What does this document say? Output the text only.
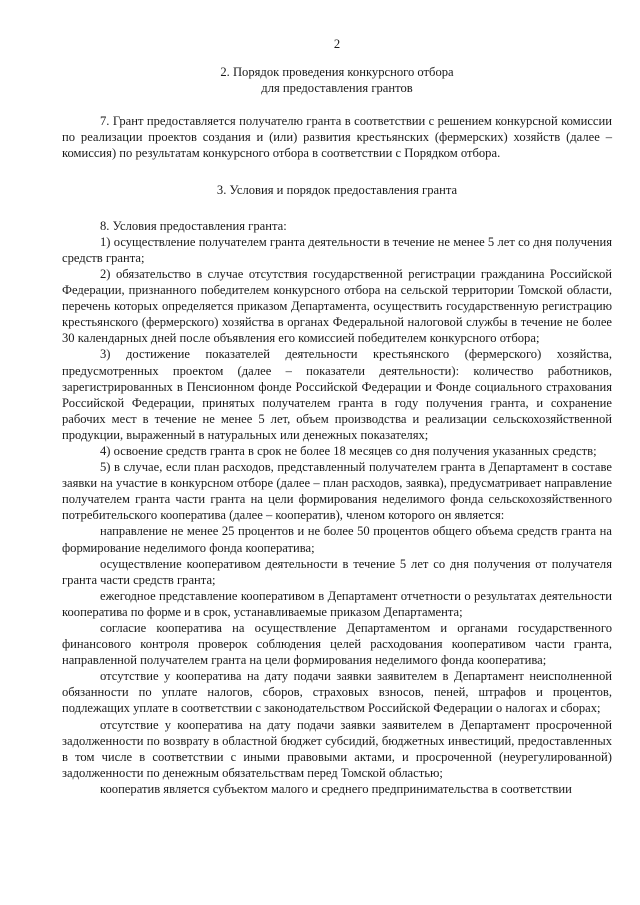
2
2. Порядок проведения конкурсного отбора
для предоставления грантов

7. Грант предоставляется получателю гранта в соответствии с решением конкурсной комиссии по реализации проектов создания и (или) развития крестьянских (фермерских) хозяйств (далее – комиссия) по результатам конкурсного отбора в соответствии с Порядком отбора.

3. Условия и порядок предоставления гранта

8. Условия предоставления гранта:

1) осуществление получателем гранта деятельности в течение не менее 5 лет со дня получения средств гранта;

2) обязательство в случае отсутствия государственной регистрации гражданина Российской Федерации, признанного победителем конкурсного отбора на сельской территории Томской области, перечень которых определяется приказом Департамента, осуществить государственную регистрацию крестьянского (фермерского) хозяйства в органах Федеральной налоговой службы в течение не более 30 календарных дней после объявления его комиссией победителем конкурсного отбора;

3) достижение показателей деятельности крестьянского (фермерского) хозяйства, предусмотренных проектом (далее – показатели деятельности): количество работников, зарегистрированных в Пенсионном фонде Российской Федерации и Фонде социального страхования Российской Федерации, принятых получателем гранта в году получения гранта, и сохранение рабочих мест в течение не менее 5 лет, объем производства и реализации сельскохозяйственной продукции, выраженный в натуральных или денежных показателях;

4) освоение средств гранта в срок не более 18 месяцев со дня получения указанных средств;

5) в случае, если план расходов, представленный получателем гранта в Департамент в составе заявки на участие в конкурсном отборе (далее – план расходов, заявка), предусматривает направление получателем гранта части гранта на цели формирования неделимого фонда сельскохозяйственного потребительского кооператива (далее – кооператив), членом которого он является:

направление не менее 25 процентов и не более 50 процентов общего объема средств гранта на формирование неделимого фонда кооператива;

осуществление кооперативом деятельности в течение 5 лет со дня получения от получателя гранта части средств гранта;

ежегодное представление кооперативом в Департамент отчетности о результатах деятельности кооператива по форме и в срок, устанавливаемые приказом Департамента;

согласие кооператива на осуществление Департаментом и органами государственного финансового контроля проверок соблюдения целей расходования кооперативом части гранта, направленной получателем гранта на цели формирования неделимого фонда кооператива;

отсутствие у кооператива на дату подачи заявки заявителем в Департамент неисполненной обязанности по уплате налогов, сборов, страховых взносов, пеней, штрафов и процентов, подлежащих уплате в соответствии с законодательством Российской Федерации о налогах и сборах;

отсутствие у кооператива на дату подачи заявки заявителем в Департамент просроченной задолженности по возврату в областной бюджет субсидий, бюджетных инвестиций, предоставленных в том числе в соответствии с иными правовыми актами, и просроченной (неурегулированной) задолженности по денежным обязательствам перед Томской областью;

кооператив является субъектом малого и среднего предпринимательства в соответствии
